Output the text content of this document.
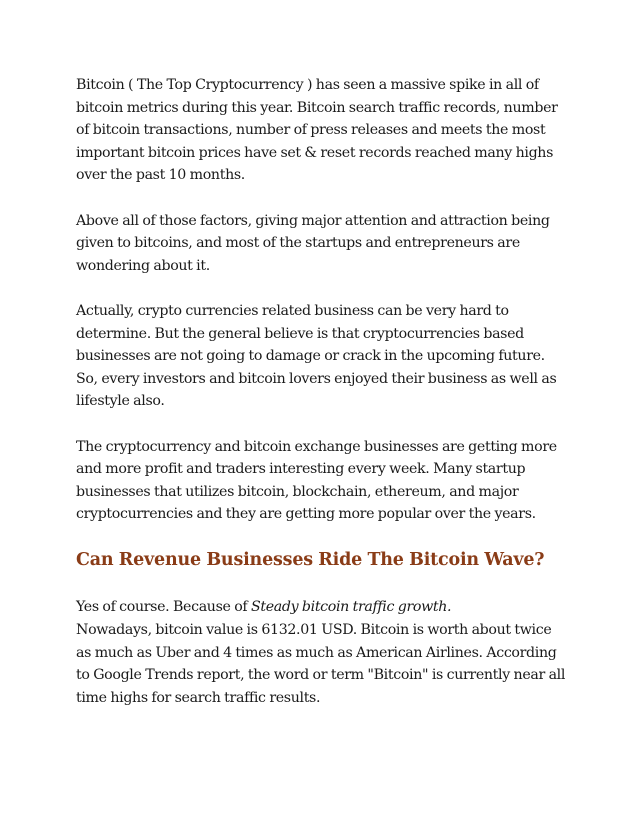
Bitcoin ( The Top Cryptocurrency ) has seen a massive spike in all of bitcoin metrics during this year. Bitcoin search traffic records, number of bitcoin transactions, number of press releases and meets the most important bitcoin prices have set & reset records reached many highs over the past 10 months.

Above all of those factors, giving major attention and attraction being given to bitcoins, and most of the startups and entrepreneurs are wondering about it.

Actually, crypto currencies related business can be very hard to determine. But the general believe is that cryptocurrencies based businesses are not going to damage or crack in the upcoming future. So, every investors and bitcoin lovers enjoyed their business as well as lifestyle also.

The cryptocurrency and bitcoin exchange businesses are getting more and more profit and traders interesting every week. Many startup businesses that utilizes bitcoin, blockchain, ethereum, and major cryptocurrencies and they are getting more popular over the years.

Can Revenue Businesses Ride The Bitcoin Wave?

Yes of course. Because of Steady bitcoin traffic growth.
Nowadays, bitcoin value is 6132.01 USD. Bitcoin is worth about twice as much as Uber and 4 times as much as American Airlines. According to Google Trends report, the word or term "Bitcoin" is currently near all time highs for search traffic results.
